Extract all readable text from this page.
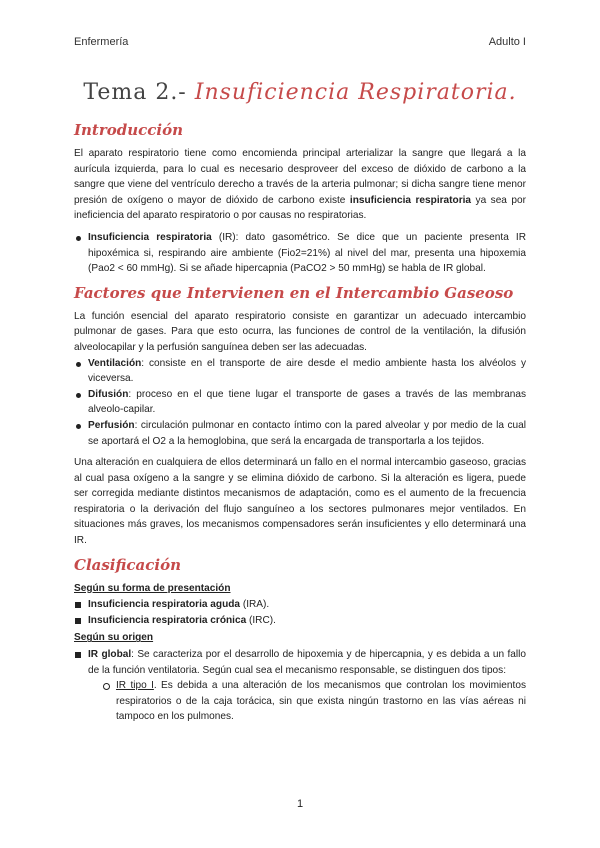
Enfermería	Adulto I
Tema 2.- Insuficiencia Respiratoria.
Introducción

El aparato respiratorio tiene como encomienda principal arterializar la sangre que llegará a la aurícula izquierda, para lo cual es necesario desproveer del exceso de dióxido de carbono a la sangre que viene del ventrículo derecho a través de la arteria pulmonar; si dicha sangre tiene menor presión de oxígeno o mayor de dióxido de carbono existe insuficiencia respiratoria ya sea por ineficiencia del aparato respiratorio o por causas no respiratorias.

Insuficiencia respiratoria (IR): dato gasométrico. Se dice que un paciente presenta IR hipoxémica si, respirando aire ambiente (Fio2=21%) al nivel del mar, presenta una hipoxemia (Pao2 < 60 mmHg). Si se añade hipercapnia (PaCO2 > 50 mmHg) se habla de IR global.
Factores que Intervienen en el Intercambio Gaseoso

La función esencial del aparato respiratorio consiste en garantizar un adecuado intercambio pulmonar de gases. Para que esto ocurra, las funciones de control de la ventilación, la difusión alveolocapilar y la perfusión sanguínea deben ser las adecuadas.

Ventilación: consiste en el transporte de aire desde el medio ambiente hasta los alvéolos y viceversa.
Difusión: proceso en el que tiene lugar el transporte de gases a través de las membranas alveolo-capilar.
Perfusión: circulación pulmonar en contacto íntimo con la pared alveolar y por medio de la cual se aportará el O2 a la hemoglobina, que será la encargada de transportarla a los tejidos.

Una alteración en cualquiera de ellos determinará un fallo en el normal intercambio gaseoso, gracias al cual pasa oxígeno a la sangre y se elimina dióxido de carbono. Si la alteración es ligera, puede ser corregida mediante distintos mecanismos de adaptación, como es el aumento de la frecuencia respiratoria o la derivación del flujo sanguíneo a los sectores pulmonares mejor ventilados. En situaciones más graves, los mecanismos compensadores serán insuficientes y ello determinará una IR.

Clasificación
Según su forma de presentación
Insuficiencia respiratoria aguda (IRA).
Insuficiencia respiratoria crónica (IRC).
Según su origen
IR global: Se caracteriza por el desarrollo de hipoxemia y de hipercapnia, y es debida a un fallo de la función ventilatoria. Según cual sea el mecanismo responsable, se distinguen dos tipos:
IR tipo I. Es debida a una alteración de los mecanismos que controlan los movimientos respiratorios o de la caja torácica, sin que exista ningún trastorno en las vías aéreas ni tampoco en los pulmones.
1
